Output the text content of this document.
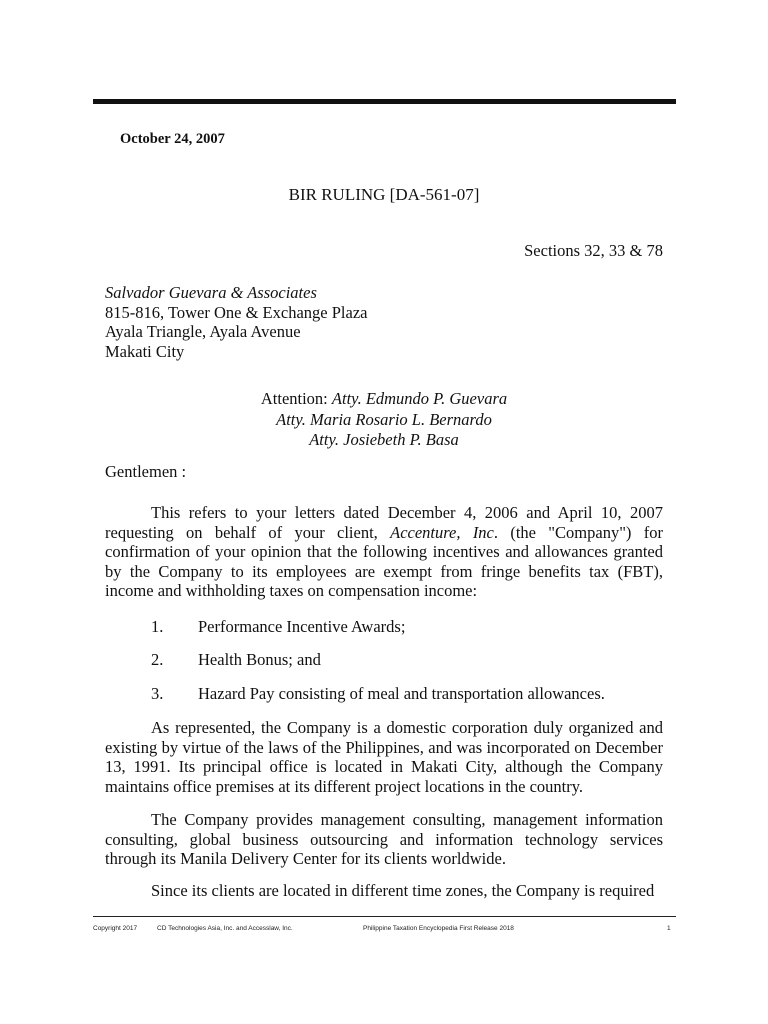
October 24, 2007
BIR RULING [DA-561-07]
Sections 32, 33 & 78
Salvador Guevara & Associates
815-816, Tower One & Exchange Plaza
Ayala Triangle, Ayala Avenue
Makati City
Attention: Atty. Edmundo P. Guevara
Atty. Maria Rosario L. Bernardo
Atty. Josiebeth P. Basa
Gentlemen :
This refers to your letters dated December 4, 2006 and April 10, 2007 requesting on behalf of your client, Accenture, Inc. (the "Company") for confirmation of your opinion that the following incentives and allowances granted by the Company to its employees are exempt from fringe benefits tax (FBT), income and withholding taxes on compensation income:
1. Performance Incentive Awards;
2. Health Bonus; and
3. Hazard Pay consisting of meal and transportation allowances.
As represented, the Company is a domestic corporation duly organized and existing by virtue of the laws of the Philippines, and was incorporated on December 13, 1991. Its principal office is located in Makati City, although the Company maintains office premises at its different project locations in the country.
The Company provides management consulting, management information consulting, global business outsourcing and information technology services through its Manila Delivery Center for its clients worldwide.
Since its clients are located in different time zones, the Company is required
Copyright 2017	CD Technologies Asia, Inc. and Accesslaw, Inc.	Philippine Taxation Encyclopedia First Release 2018	1
